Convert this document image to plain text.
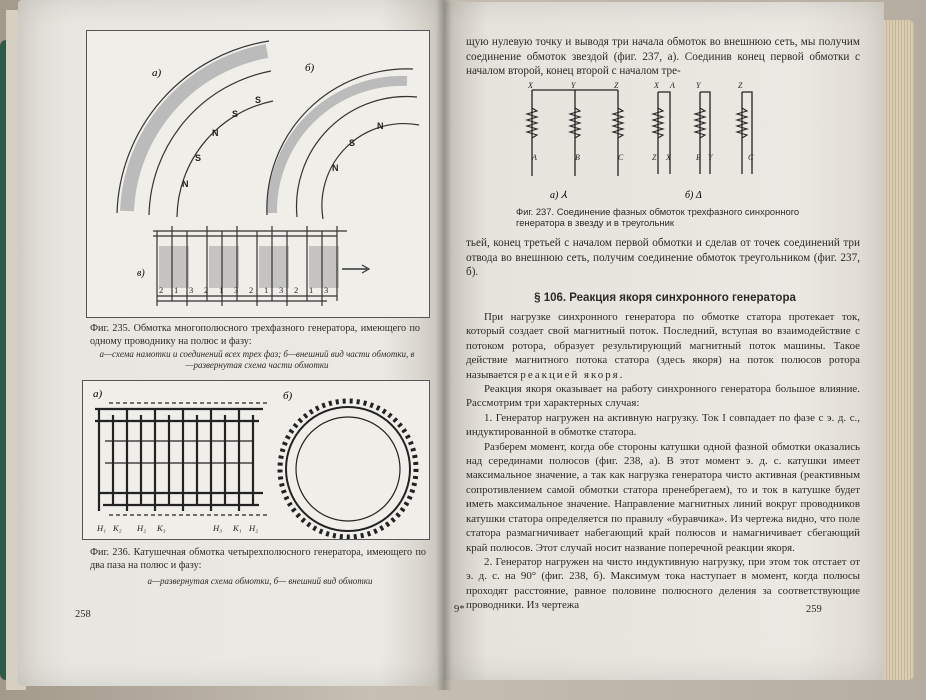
N
S
N
S
S
N
S
N
а)	б)
в)
2 1 3 2 1 3 2 1 3 2 1 3
Фиг. 235. Обмотка многополюсного трехфазного генератора, имеющего по одному проводнику на полюс и фазу:
а—схема намотки и соединений всех трех фаз; б—внешний вид части обмотки, в—развернутая схема части обмотки
а)	б)
H₁ K₂ H₂ K₃	H₃ K₁ H₂
Фиг. 236. Катушечная обмотка четырехполюсного генератора, имеющего по два паза на полюс и фазу:
а—развернутая схема обмотки, б— внешний вид обмотки
258

щую нулевую точку и выводя три начала обмоток во внешнюю сеть, мы получим соединение обмоток звездой (фиг. 237, а). Соединив конец первой обмотки с началом второй, конец второй с началом тре-

X	Y	Z
A	B	C
X A	Y	Z
Z X	B Y	C
а) ⅄	б) Δ
Фиг. 237. Соединение фазных обмоток трехфазного синхронного генератора в звезду и в треугольник

тьей, конец третьей с началом первой обмотки и сделав от точек соединений три отвода во внешнюю сеть, получим соединение обмоток треугольником (фиг. 237, б).

§ 106. Реакция якоря синхронного генератора

При нагрузке синхронного генератора по обмотке статора протекает ток, который создает свой магнитный поток. Последний, вступая во взаимодействие с потоком ротора, образует результирующий магнитный поток машины. Такое действие магнитного потока статора (здесь якоря) на поток полюсов ротора называется реакцией якоря.

Реакция якоря оказывает на работу синхронного генератора большое влияние. Рассмотрим три характерных случая:

1. Генератор нагружен на активную нагрузку. Ток I совпадает по фазе с э. д. с., индуктированной в обмотке статора.

Разберем момент, когда обе стороны катушки одной фазной обмотки оказались над серединами полюсов (фиг. 238, а). В этот момент э. д. с. катушки имеет максимальное значение, а так как нагрузка генератора чисто активная (реактивным сопротивлением самой обмотки статора пренебрегаем), то и ток в катушке будет иметь максимальное значение. Направление магнитных линий вокруг проводников катушки статора определяется по правилу «буравчика». Из чертежа видно, что поле статора размагничивает набегающий край полюсов и намагничивает сбегающий край полюсов. Этот случай носит название поперечной реакции якоря.

2. Генератор нагружен на чисто индуктивную нагрузку, при этом ток отстает от э. д. с. на 90° (фиг. 238, б). Максимум тока наступает в момент, когда полюсы проходят расстояние, равное половине полюсного деления за соответствующие проводники. Из чертежа

9*	259
